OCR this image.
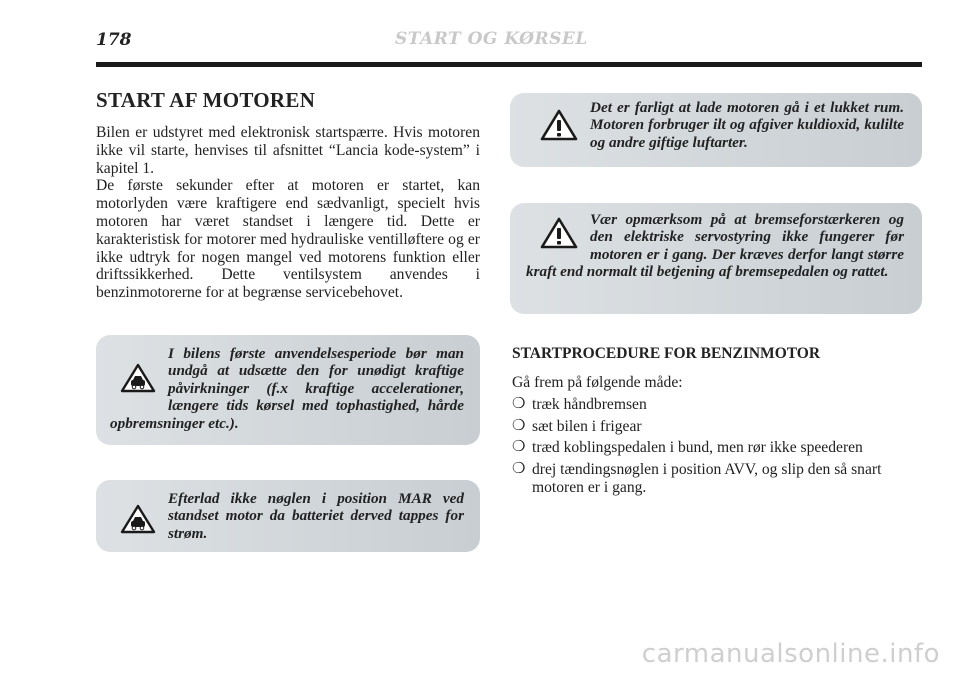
178	START OG KØRSEL
START AF MOTOREN

Bilen er udstyret med elektronisk startspærre. Hvis motoren ikke vil starte, henvises til afsnittet “Lancia kode-system” i kapitel 1.
De første sekunder efter at motoren er startet, kan motorlyden være kraftigere end sædvanligt, specielt hvis motoren har været standset i længere tid. Dette er karakteristisk for motorer med hydrauliske ventilløftere og er ikke udtryk for nogen mangel ved motorens funktion eller driftssikkerhed. Dette ventilsystem anvendes i benzinmotorerne for at begrænse servicebehovet.

I bilens første anvendelsesperiode bør man undgå at udsætte den for unødigt kraftige påvirkninger (f.x kraftige accelerationer, længere tids kørsel med tophastighed, hårde opbremsninger etc.).

Efterlad ikke nøglen i position MAR ved standset motor da batteriet derved tappes for strøm.

Det er farligt at lade motoren gå i et lukket rum. Motoren forbruger ilt og afgiver kuldioxid, kulilte og andre giftige luftarter.

Vær opmærksom på at bremseforstærkeren og den elektriske servostyring ikke fungerer før motoren er i gang. Der kræves derfor langt større kraft end normalt til betjening af bremsepedalen og rattet.

STARTPROCEDURE FOR BENZINMOTOR

Gå frem på følgende måde:

❍ træk håndbremsen
❍ sæt bilen i frigear
❍ træd koblingspedalen i bund, men rør ikke speederen
❍ drej tændingsnøglen i position AVV, og slip den så snart motoren er i gang.
carmanualsonline.info
